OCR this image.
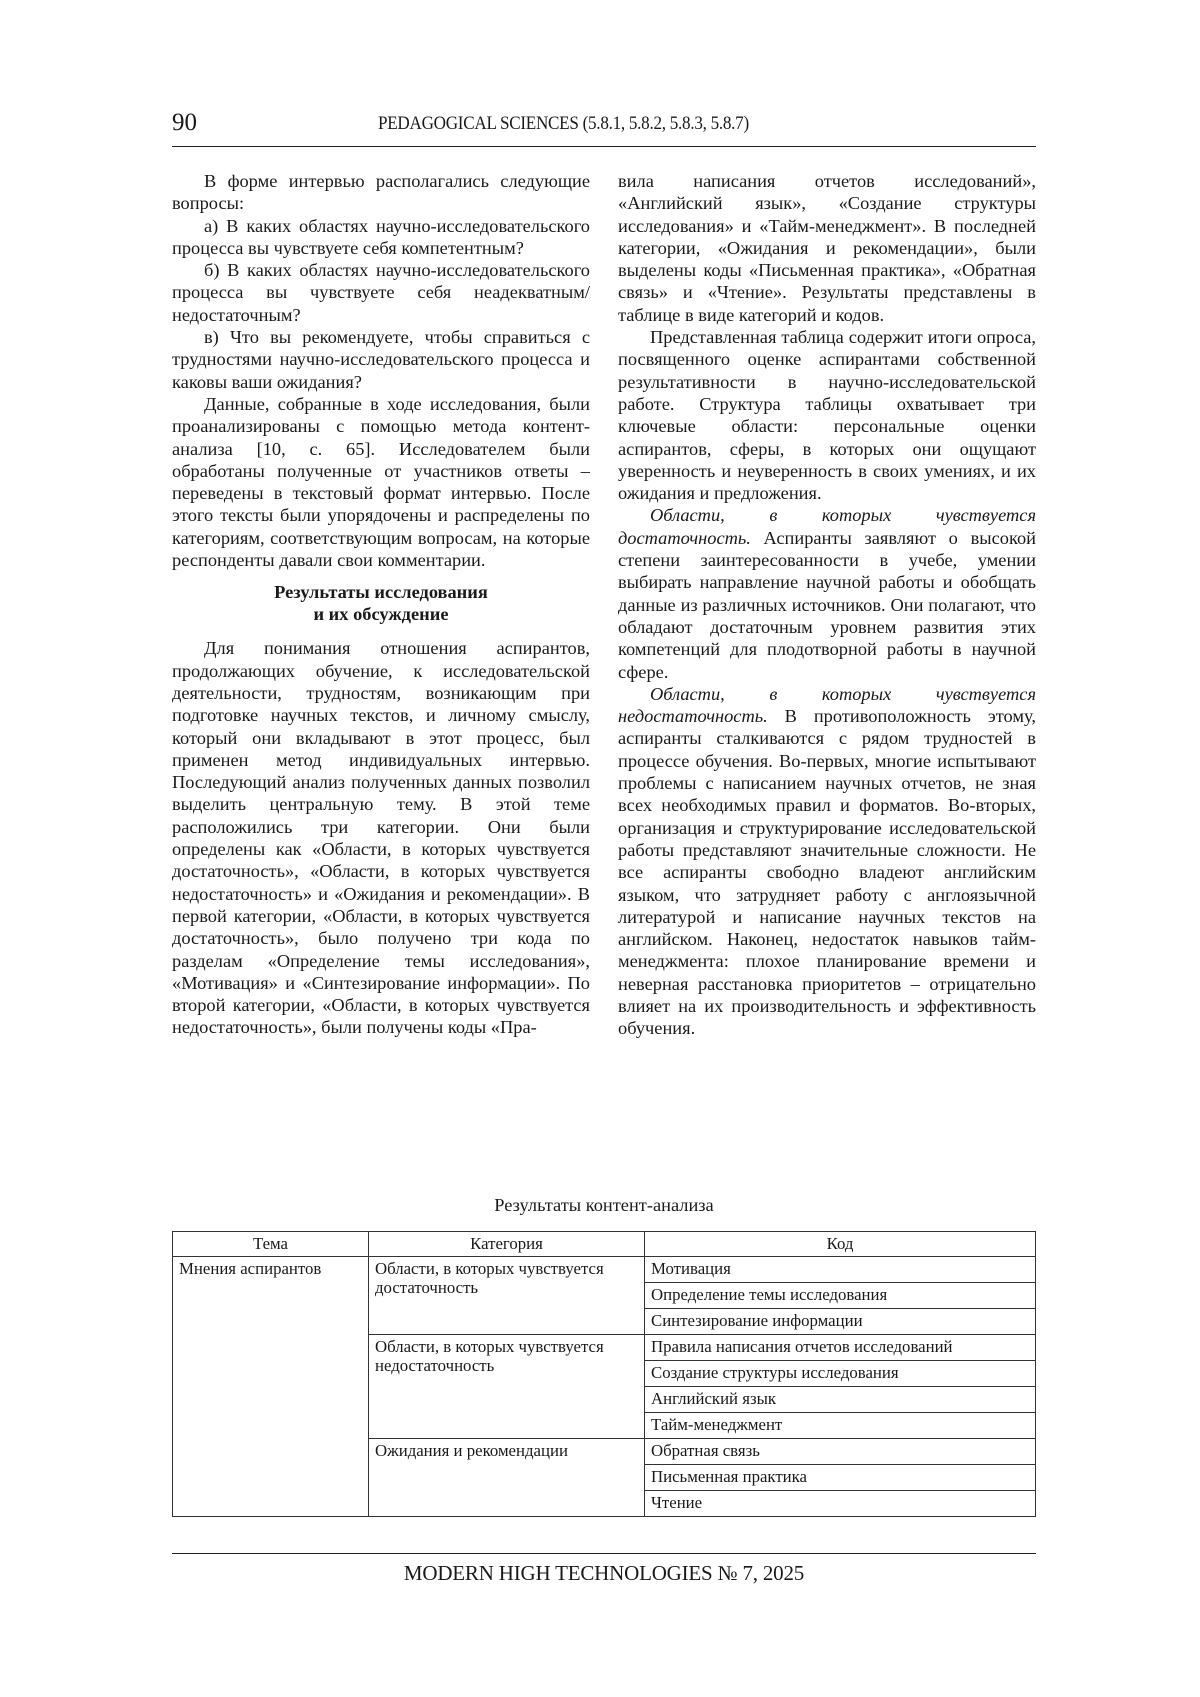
90	PEDAGOGICAL SCIENCES (5.8.1, 5.8.2, 5.8.3, 5.8.7)

В форме интервью располагались следующие вопросы:

а) В каких областях научно-исследовательского процесса вы чувствуете себя компетентным?

б) В каких областях научно-исследовательского процесса вы чувствуете себя неадекватным/недостаточным?

в) Что вы рекомендуете, чтобы справиться с трудностями научно-исследовательского процесса и каковы ваши ожидания?

Данные, собранные в ходе исследования, были проанализированы с помощью метода контент-анализа [10, с. 65]. Исследователем были обработаны полученные от участников ответы – переведены в текстовый формат интервью. После этого тексты были упорядочены и распределены по категориям, соответствующим вопросам, на которые респонденты давали свои комментарии.

Результаты исследования
и их обсуждение

Для понимания отношения аспирантов, продолжающих обучение, к исследовательской деятельности, трудностям, возникающим при подготовке научных текстов, и личному смыслу, который они вкладывают в этот процесс, был применен метод индивидуальных интервью. Последующий анализ полученных данных позволил выделить центральную тему. В этой теме расположились три категории. Они были определены как «Области, в которых чувствуется достаточность», «Области, в которых чувствуется недостаточность» и «Ожидания и рекомендации». В первой категории, «Области, в которых чувствуется достаточность», было получено три кода по разделам «Определение темы исследования», «Мотивация» и «Синтезирование информации». По второй категории, «Области, в которых чувствуется недостаточность», были получены коды «Пра-

вила написания отчетов исследований», «Английский язык», «Создание структуры исследования» и «Тайм-менеджмент». В последней категории, «Ожидания и рекомендации», были выделены коды «Письменная практика», «Обратная связь» и «Чтение». Результаты представлены в таблице в виде категорий и кодов.

Представленная таблица содержит итоги опроса, посвященного оценке аспирантами собственной результативности в научно-исследовательской работе. Структура таблицы охватывает три ключевые области: персональные оценки аспирантов, сферы, в которых они ощущают уверенность и неуверенность в своих умениях, и их ожидания и предложения.

Области, в которых чувствуется достаточность. Аспиранты заявляют о высокой степени заинтересованности в учебе, умении выбирать направление научной работы и обобщать данные из различных источников. Они полагают, что обладают достаточным уровнем развития этих компетенций для плодотворной работы в научной сфере.

Области, в которых чувствуется недостаточность. В противоположность этому, аспиранты сталкиваются с рядом трудностей в процессе обучения. Во-первых, многие испытывают проблемы с написанием научных отчетов, не зная всех необходимых правил и форматов. Во-вторых, организация и структурирование исследовательской работы представляют значительные сложности. Не все аспиранты свободно владеют английским языком, что затрудняет работу с англоязычной литературой и написание научных текстов на английском. Наконец, недостаток навыков тайм-менеджмента: плохое планирование времени и неверная расстановка приоритетов – отрицательно влияет на их производительность и эффективность обучения.

Результаты контент-анализа
Тема	Категория	Код
Мнения аспирантов	Области, в которых чувствуется достаточность	Мотивация
		Определение темы исследования
		Синтезирование информации
	Области, в которых чувствуется недостаточность	Правила написания отчетов исследований
		Создание структуры исследования
		Английский язык
		Тайм-менеджмент
	Ожидания и рекомендации	Обратная связь
		Письменная практика
		Чтение
MODERN HIGH TECHNOLOGIES № 7, 2025
